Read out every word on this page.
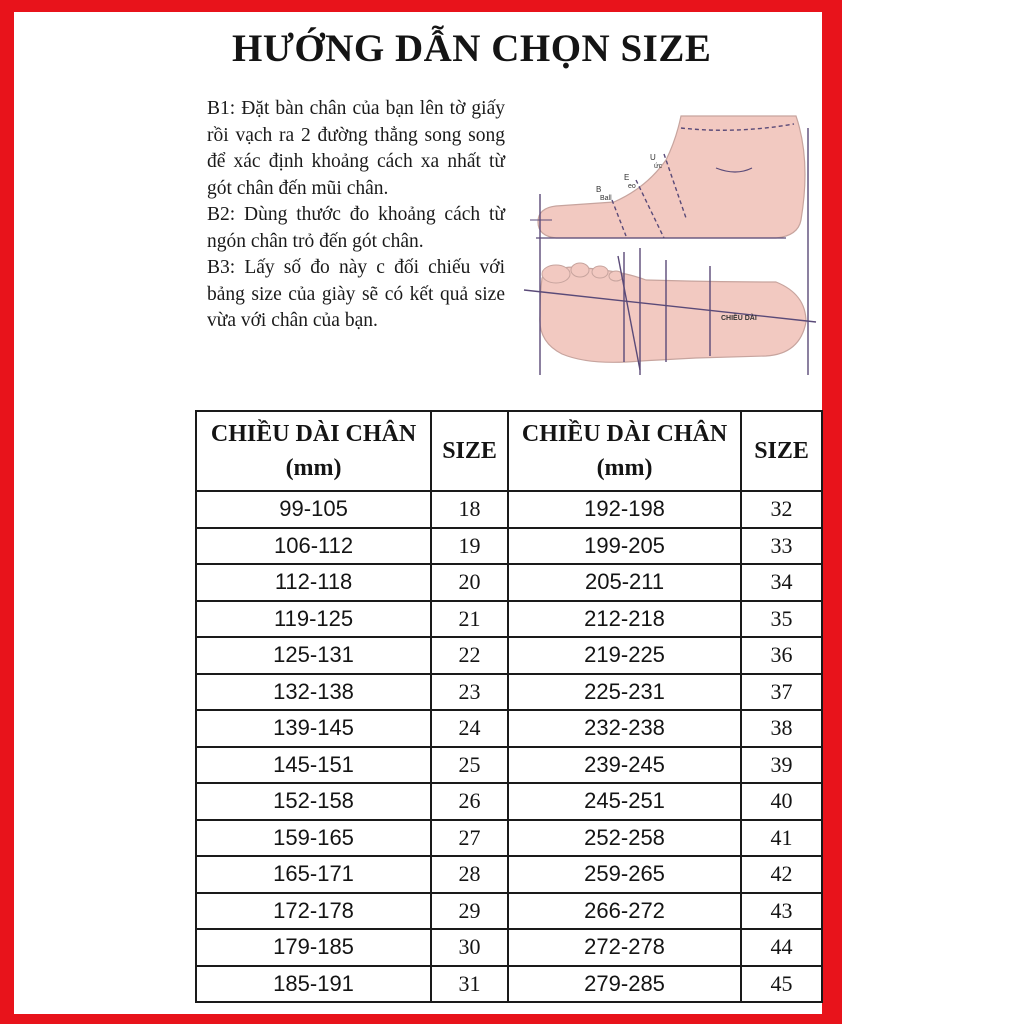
HƯỚNG DẪN CHỌN SIZE

B1: Đặt bàn chân của bạn lên tờ giấy rồi vạch ra 2 đường thẳng song song để xác định khoảng cách xa nhất từ gót chân đến mũi chân.

B2: Dùng thước đo khoảng cách từ ngón chân trỏ đến gót chân.

B3: Lấy số đo này c đối chiếu với bảng size của giày sẽ có kết quả size vừa với chân của bạn.

U
ức
E
eo
B
Ball
CHIỀU DÀI
CHIỀU DÀI CHÂN
(mm)	SIZE	CHIỀU DÀI CHÂN
(mm)	SIZE
99-105	18	192-198	32
106-112	19	199-205	33
112-118	20	205-211	34
119-125	21	212-218	35
125-131	22	219-225	36
132-138	23	225-231	37
139-145	24	232-238	38
145-151	25	239-245	39
152-158	26	245-251	40
159-165	27	252-258	41
165-171	28	259-265	42
172-178	29	266-272	43
179-185	30	272-278	44
185-191	31	279-285	45
